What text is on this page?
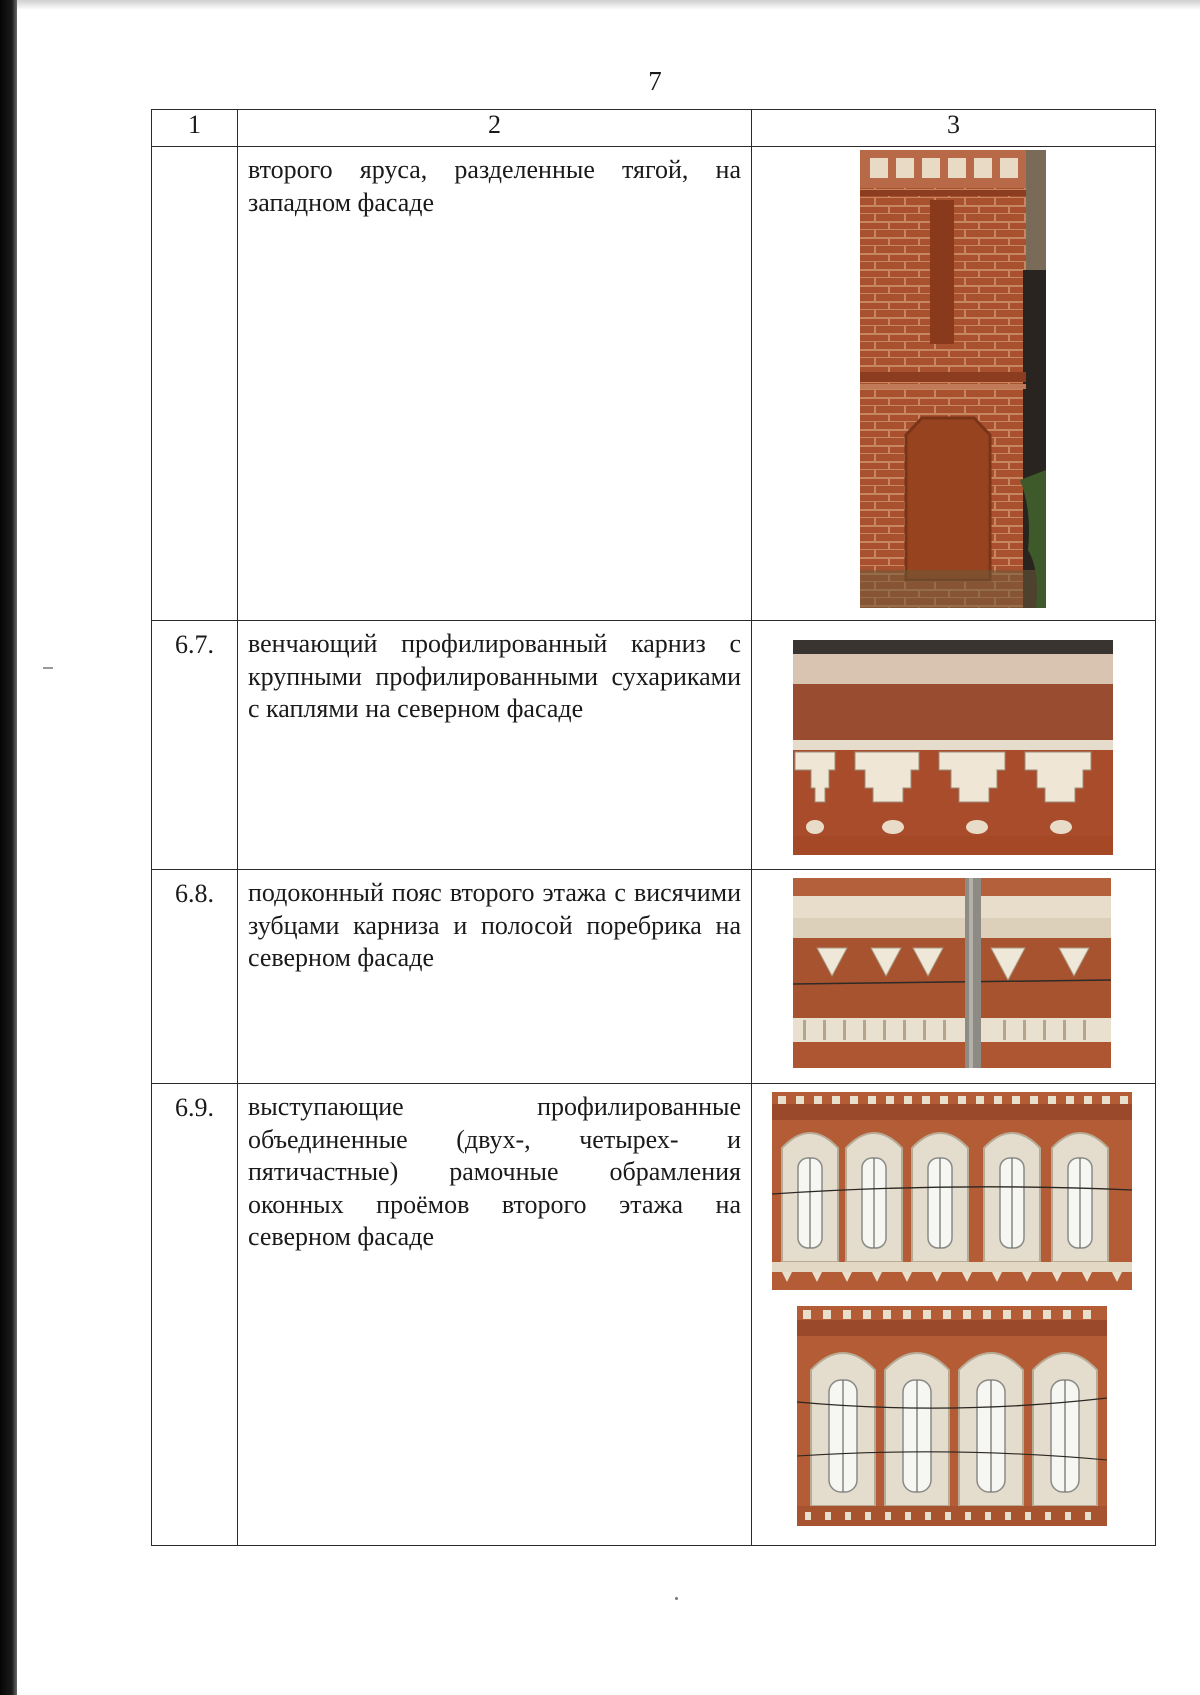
7
1	2	3
	второго яруса, разделенные тягой, на западном фасаде	

6.7.	венчающий профилированный карниз с крупными профилированными сухариками с каплями на северном фасаде	

6.8.	подоконный пояс второго этажа с висячими зубцами карниза и полосой поребрика на северном фасаде	

6.9.	выступающие профилированные объединенные (двух-, четырех- и пятичастные) рамочные обрамления оконных проёмов второго этажа на северном фасаде	
